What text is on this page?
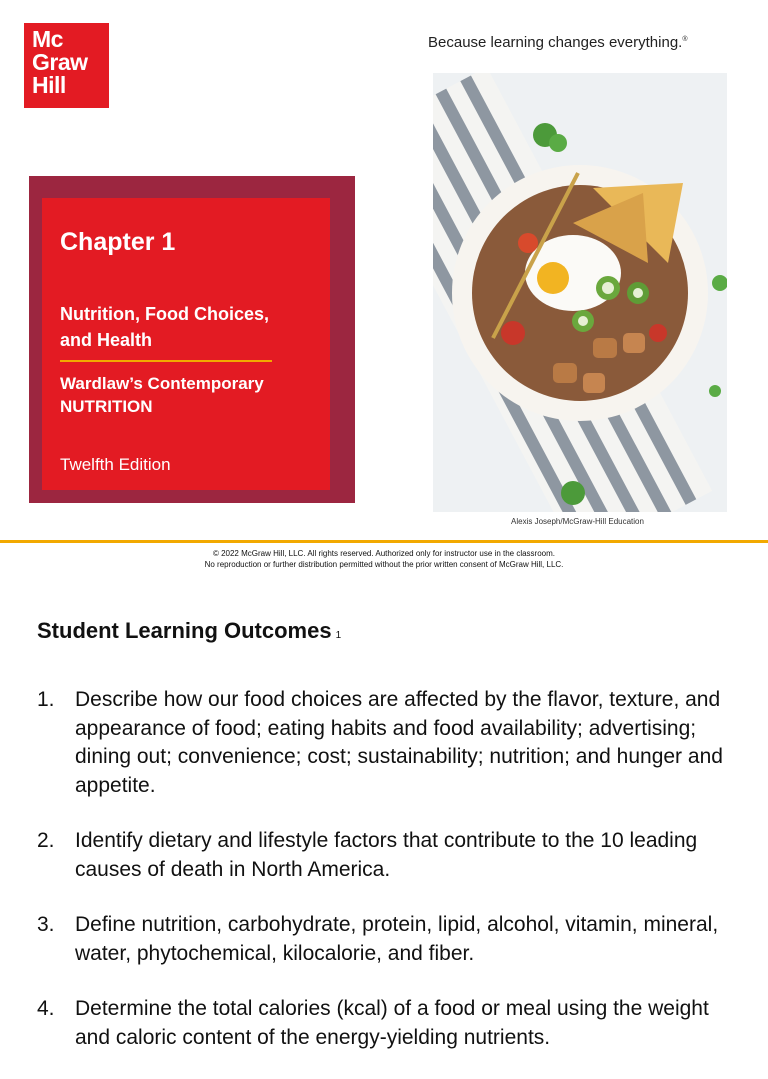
Mc
Graw
Hill
Because learning changes everything.®
Chapter 1
Nutrition, Food Choices, and Health
Wardlaw’s Contemporary NUTRITION
Twelfth Edition
Alexis Joseph/McGraw-Hill Education
© 2022 McGraw Hill, LLC. All rights reserved. Authorized only for instructor use in the classroom.
No reproduction or further distribution permitted without the prior written consent of McGraw Hill, LLC.
Student Learning Outcomes 1
1. Describe how our food choices are affected by the flavor, texture, and appearance of food; eating habits and food availability; advertising; dining out; convenience; cost; sustainability; nutrition; and hunger and appetite.
2. Identify dietary and lifestyle factors that contribute to the 10 leading causes of death in North America.
3. Define nutrition, carbohydrate, protein, lipid, alcohol, vitamin, mineral, water, phytochemical, kilocalorie, and fiber.
4. Determine the total calories (kcal) of a food or meal using the weight and caloric content of the energy-yielding nutrients.
